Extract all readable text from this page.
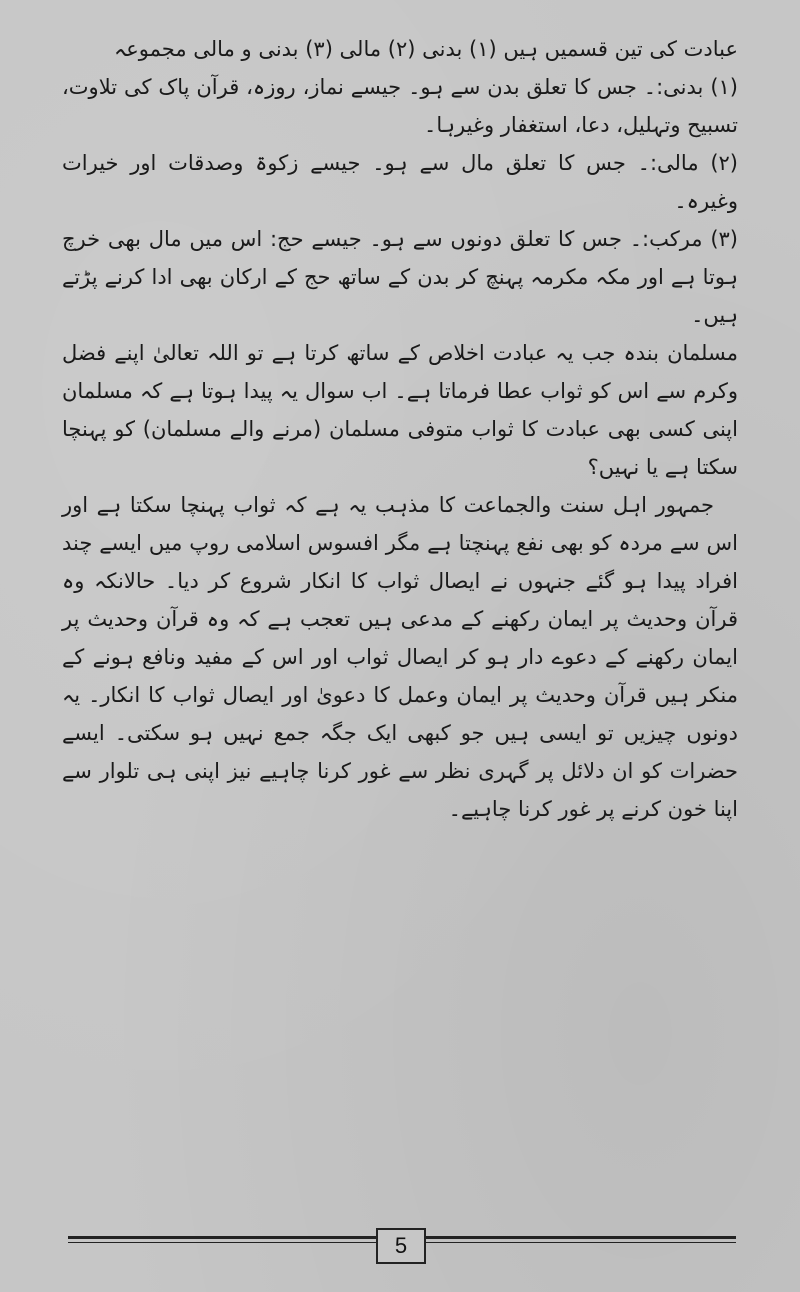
عبادت کی تین قسمیں ہیں (۱) بدنی (۲) مالی (۳) بدنی و مالی مجموعہ

(۱) بدنی:۔ جس کا تعلق بدن سے ہو۔ جیسے نماز، روزہ، قرآن پاک کی تلاوت، تسبیح وتہلیل، دعا، استغفار وغیرہا۔

(۲) مالی:۔ جس کا تعلق مال سے ہو۔ جیسے زکوۃ وصدقات اور خیرات وغیرہ۔

(۳) مرکب:۔ جس کا تعلق دونوں سے ہو۔ جیسے حج: اس میں مال بھی خرچ ہوتا ہے اور مکہ مکرمہ پہنچ کر بدن کے ساتھ حج کے ارکان بھی ادا کرنے پڑتے ہیں۔

مسلمان بندہ جب یہ عبادت اخلاص کے ساتھ کرتا ہے تو اللہ تعالیٰ اپنے فضل وکرم سے اس کو ثواب عطا فرماتا ہے۔ اب سوال یہ پیدا ہوتا ہے کہ مسلمان اپنی کسی بھی عبادت کا ثواب متوفی مسلمان (مرنے والے مسلمان) کو پہنچا سکتا ہے یا نہیں؟

جمہور اہل سنت والجماعت کا مذہب یہ ہے کہ ثواب پہنچا سکتا ہے اور اس سے مردہ کو بھی نفع پہنچتا ہے مگر افسوس اسلامی روپ میں ایسے چند افراد پیدا ہو گئے جنہوں نے ایصال ثواب کا انکار شروع کر دیا۔ حالانکہ وہ قرآن وحدیث پر ایمان رکھنے کے مدعی ہیں تعجب ہے کہ وہ قرآن وحدیث پر ایمان رکھنے کے دعوے دار ہو کر ایصال ثواب اور اس کے مفید ونافع ہونے کے منکر ہیں قرآن وحدیث پر ایمان وعمل کا دعویٰ اور ایصال ثواب کا انکار۔ یہ دونوں چیزیں تو ایسی ہیں جو کبھی ایک جگہ جمع نہیں ہو سکتی۔ ایسے حضرات کو ان دلائل پر گہری نظر سے غور کرنا چاہیے نیز اپنی ہی تلوار سے اپنا خون کرنے پر غور کرنا چاہیے۔

5
